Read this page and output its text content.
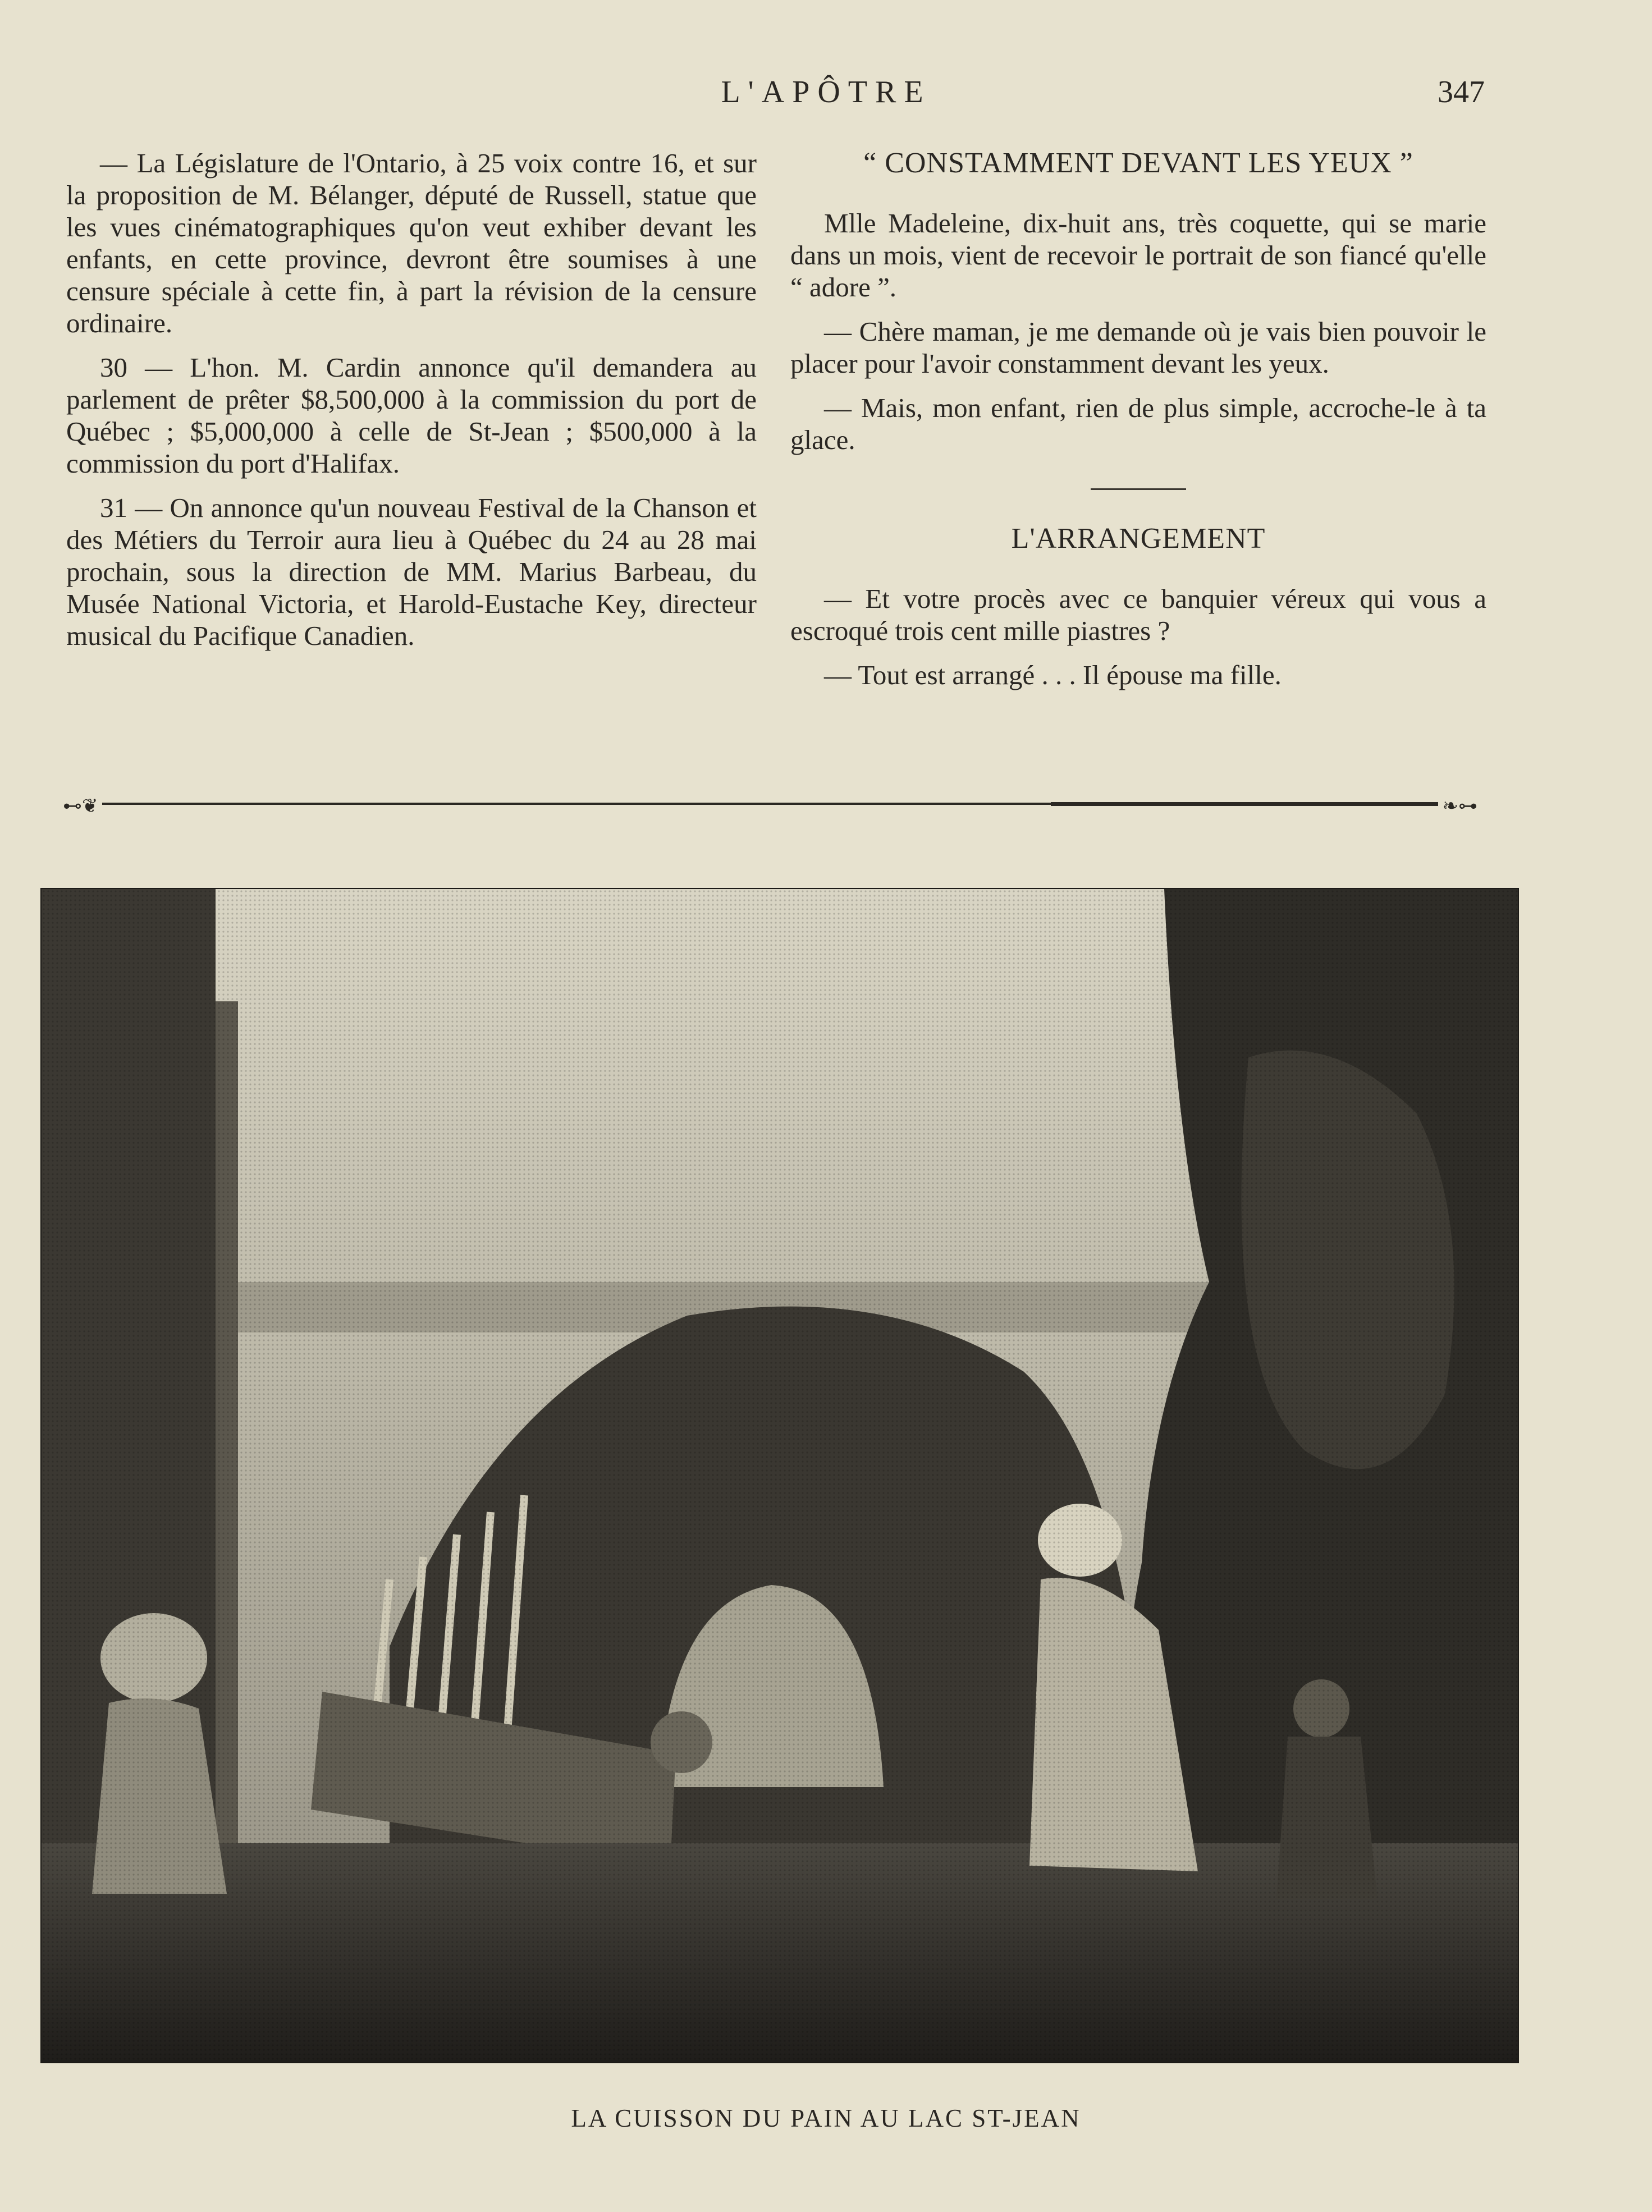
L'APÔTRE	347

— La Législature de l'Ontario, à 25 voix contre 16, et sur la proposition de M. Bélanger, député de Russell, statue que les vues cinématographiques qu'on veut exhiber devant les enfants, en cette province, devront être soumises à une censure spéciale à cette fin, à part la révision de la censure ordinaire.

30 — L'hon. M. Cardin annonce qu'il demandera au parlement de prêter $8,500,000 à la commission du port de Québec ; $5,000,000 à celle de St-Jean ; $500,000 à la commission du port d'Halifax.

31 — On annonce qu'un nouveau Festival de la Chanson et des Métiers du Terroir aura lieu à Québec du 24 au 28 mai prochain, sous la direction de MM. Marius Barbeau, du Musée National Victoria, et Harold-Eustache Key, directeur musical du Pacifique Canadien.

“ CONSTAMMENT DEVANT LES YEUX ”

Mlle Madeleine, dix-huit ans, très coquette, qui se marie dans un mois, vient de recevoir le portrait de son fiancé qu'elle “ adore ”.

— Chère maman, je me demande où je vais bien pouvoir le placer pour l'avoir constamment devant les yeux.

— Mais, mon enfant, rien de plus simple, accroche-le à ta glace.

L'ARRANGEMENT

— Et votre procès avec ce banquier véreux qui vous a escroqué trois cent mille piastres ?

— Tout est arrangé . . . Il épouse ma fille.

⊷❦	❧⊶
LA CUISSON DU PAIN AU LAC ST-JEAN
